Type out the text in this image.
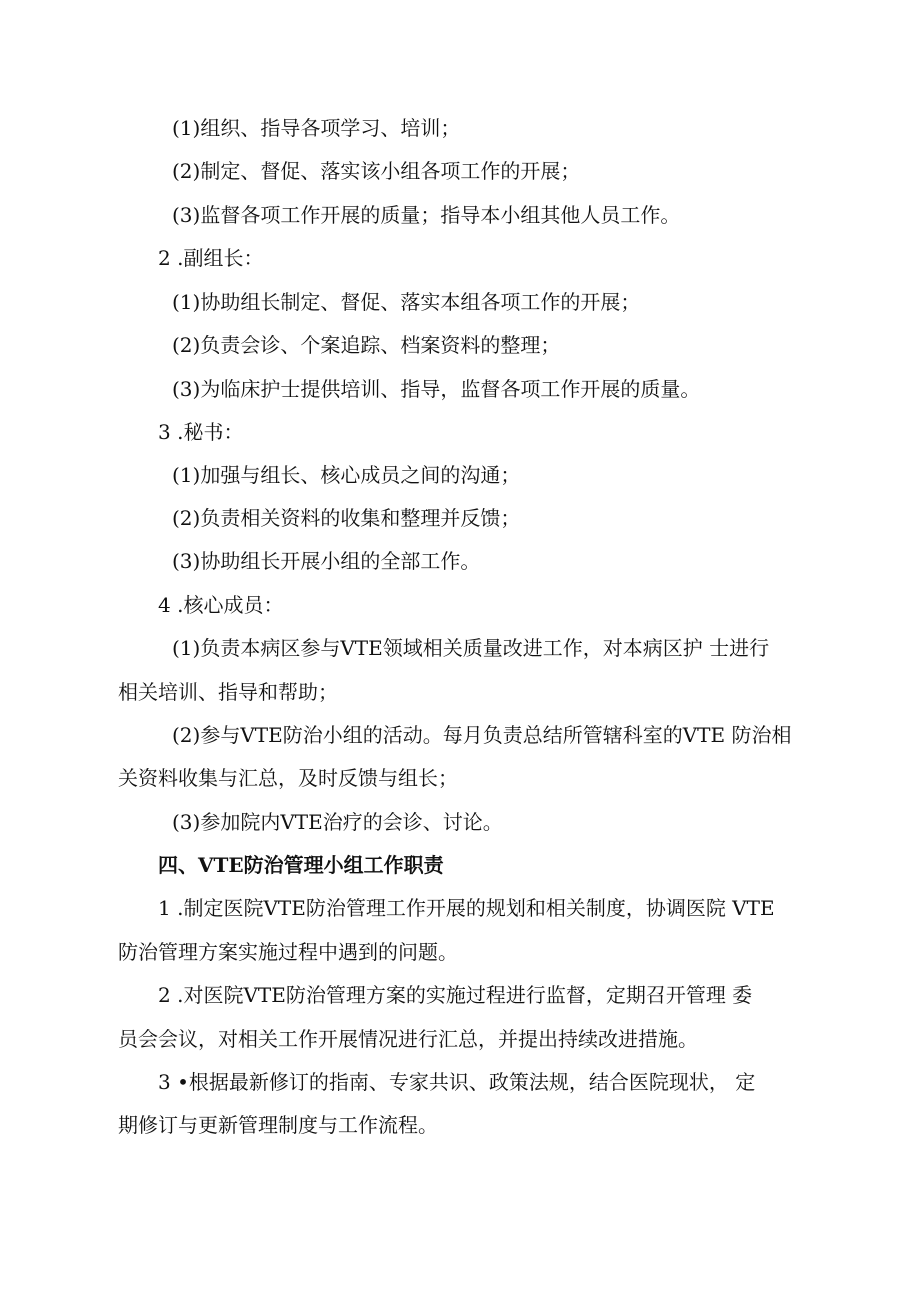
(1)组织、指导各项学习、培训；

(2)制定、督促、落实该小组各项工作的开展；

(3)监督各项工作开展的质量；指导本小组其他人员工作。

2 .副组长：

(1)协助组长制定、督促、落实本组各项工作的开展；

(2)负责会诊、个案追踪、档案资料的整理；

(3)为临床护士提供培训、指导，监督各项工作开展的质量。

3 .秘书：

(1)加强与组长、核心成员之间的沟通；

(2)负责相关资料的收集和整理并反馈；

(3)协助组长开展小组的全部工作。

4 .核心成员：

(1)负责本病区参与VTE领域相关质量改进工作，对本病区护 士进行

相关培训、指导和帮助；

(2)参与VTE防治小组的活动。每月负责总结所管辖科室的VTE 防治相

关资料收集与汇总，及时反馈与组长；

(3)参加院内VTE治疗的会诊、讨论。

四、VTE防治管理小组工作职责

1 .制定医院VTE防治管理工作开展的规划和相关制度，协调医院 VTE

防治管理方案实施过程中遇到的问题。

2 .对医院VTE防治管理方案的实施过程进行监督，定期召开管理 委

员会会议，对相关工作开展情况进行汇总，并提出持续改进措施。

3 •根据最新修订的指南、专家共识、政策法规，结合医院现状， 定

期修订与更新管理制度与工作流程。
